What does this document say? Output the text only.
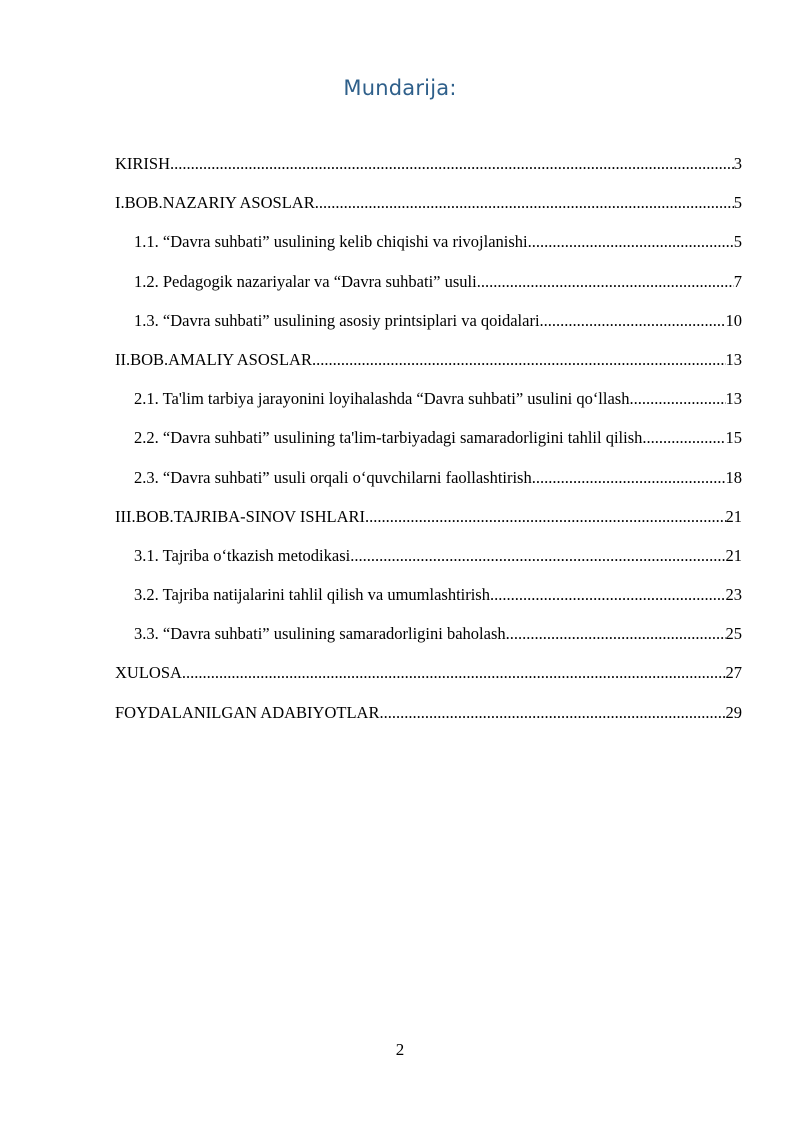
Mundarija:
KIRISH .....	3
I.BOB.NAZARIY ASOSLAR .....	5
1.1. “Davra suhbati” usulining kelib chiqishi va rivojlanishi .....	5
1.2. Pedagogik nazariyalar va “Davra suhbati” usuli .....	7
1.3. “Davra suhbati” usulining asosiy printsiplari va qoidalari .....	10
II.BOB.AMALIY ASOSLAR .....	13
2.1. Ta'lim tarbiya jarayonini loyihalashda “Davra suhbati” usulini qo‘llash .....	13
2.2. “Davra suhbati” usulining ta'lim-tarbiyadagi samaradorligini tahlil qilish .....	15
2.3. “Davra suhbati” usuli orqali o‘quvchilarni faollashtirish .....	18
III.BOB.TAJRIBA-SINOV ISHLARI .....	21
3.1. Tajriba o‘tkazish metodikasi .....	21
3.2. Tajriba natijalarini tahlil qilish va umumlashtirish .....	23
3.3. “Davra suhbati” usulining samaradorligini baholash .....	25
XULOSA .....	27
FOYDALANILGAN ADABIYOTLAR .....	29
2
